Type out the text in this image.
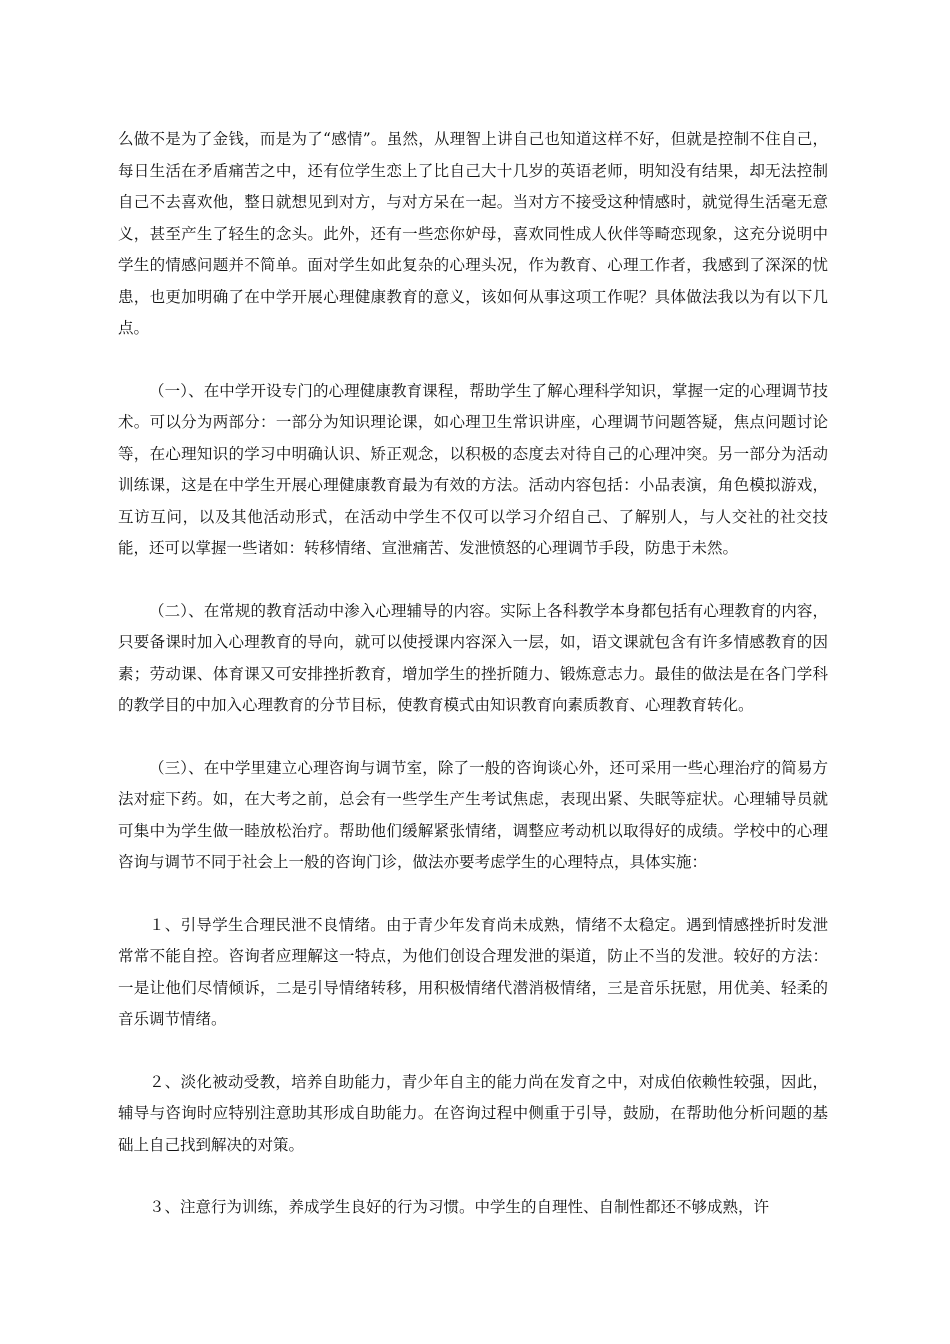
么做不是为了金钱，而是为了“感情”。虽然，从理智上讲自己也知道这样不好，但就是控制不住自己，每日生活在矛盾痛苦之中，还有位学生恋上了比自己大十几岁的英语老师，明知没有结果，却无法控制自己不去喜欢他，整日就想见到对方，与对方呆在一起。当对方不接受这种情感时，就觉得生活毫无意义，甚至产生了轻生的念头。此外，还有一些恋你妒母，喜欢同性成人伙伴等畸恋现象，这充分说明中学生的情感问题并不简单。面对学生如此复杂的心理头况，作为教育、心理工作者，我感到了深深的忧患，也更加明确了在中学开展心理健康教育的意义，该如何从事这项工作呢？具体做法我以为有以下几点。

（一）、在中学开设专门的心理健康教育课程，帮助学生了解心理科学知识，掌握一定的心理调节技术。可以分为两部分：一部分为知识理论课，如心理卫生常识讲座，心理调节问题答疑，焦点问题讨论等，在心理知识的学习中明确认识、矫正观念，以积极的态度去对待自己的心理冲突。另一部分为活动训练课，这是在中学生开展心理健康教育最为有效的方法。活动内容包括：小品表演，角色模拟游戏，互访互问，以及其他活动形式，在活动中学生不仅可以学习介绍自己、了解别人，与人交社的社交技能，还可以掌握一些诸如：转移情绪、宣泄痛苦、发泄愤怒的心理调节手段，防患于未然。

（二）、在常规的教育活动中渗入心理辅导的内容。实际上各科教学本身都包括有心理教育的内容，只要备课时加入心理教育的导向，就可以使授课内容深入一层，如，语文课就包含有许多情感教育的因素；劳动课、体育课又可安排挫折教育，增加学生的挫折随力、锻炼意志力。最佳的做法是在各门学科的教学目的中加入心理教育的分节目标，使教育模式由知识教育向素质教育、心理教育转化。

（三）、在中学里建立心理咨询与调节室，除了一般的咨询谈心外，还可采用一些心理治疗的简易方法对症下药。如，在大考之前，总会有一些学生产生考试焦虑，表现出紧、失眠等症状。心理辅导员就可集中为学生做一睦放松治疗。帮助他们缓解紧张情绪，调整应考动机以取得好的成绩。学校中的心理咨询与调节不同于社会上一般的咨询门诊，做法亦要考虑学生的心理特点，具体实施：

１、引导学生合理民泄不良情绪。由于青少年发育尚未成熟，情绪不太稳定。遇到情感挫折时发泄常常不能自控。咨询者应理解这一特点，为他们创设合理发泄的渠道，防止不当的发泄。较好的方法：一是让他们尽情倾诉，二是引导情绪转移，用积极情绪代潜消极情绪，三是音乐抚慰，用优美、轻柔的音乐调节情绪。

２、淡化被动受教，培养自助能力，青少年自主的能力尚在发育之中，对成伯依赖性较强，因此，辅导与咨询时应特别注意助其形成自助能力。在咨询过程中侧重于引导，鼓励，在帮助他分析问题的基础上自己找到解决的对策。

３、注意行为训练，养成学生良好的行为习惯。中学生的自理性、自制性都还不够成熟，许
